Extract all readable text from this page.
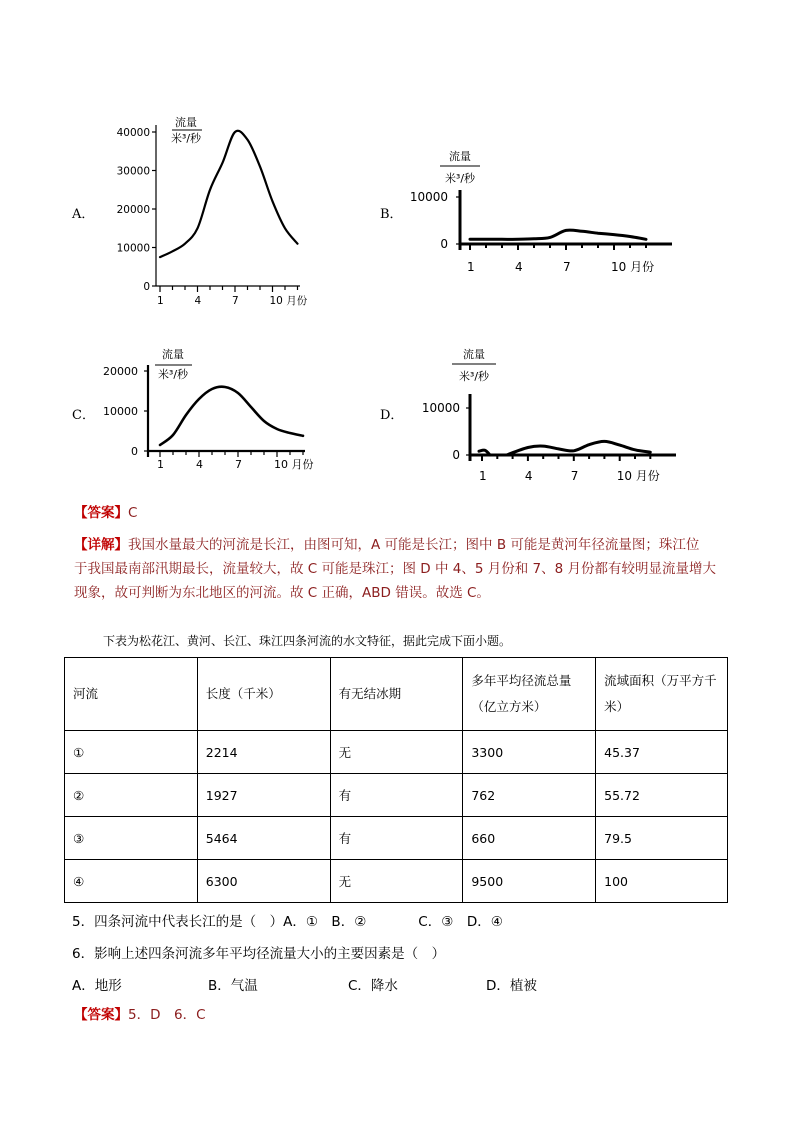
A．
流量
米³/秒
40000
30000
20000
10000
0
1	4	7	10 月份
B．
流量
米³/秒
10000
0
1	4	7	10 月份
C．
流量
米³/秒
20000
10000
0
1	4	7	10 月份
D．
流量
米³/秒
10000
0
1	4	7	10 月份
【答案】C

【详解】我国水量最大的河流是长江，由图可知，A 可能是长江；图中 B 可能是黄河年径流量图；珠江位

于我国最南部汛期最长，流量较大，故 C 可能是珠江；图 D 中 4、5 月份和 7、8 月份都有较明显流量增大

现象，故可判断为东北地区的河流。故 C 正确，ABD 错误。故选 C。

下表为松花江、黄河、长江、珠江四条河流的水文特征，据此完成下面小题。
河流	长度（千米）	有无结冰期	多年平均径流总量（亿立方米）	流域面积（万平方千米）
①	2214	无	3300	45.37
②	1927	有	762	55.72
③	5464	有	660	79.5
④	6300	无	9500	100
5．四条河流中代表长江的是（　）A．①　B．②	C．③　D．④
6．影响上述四条河流多年平均径流量大小的主要因素是（　）
A．地形	B．气温	C．降水	D．植被
【答案】5．D　6．C
